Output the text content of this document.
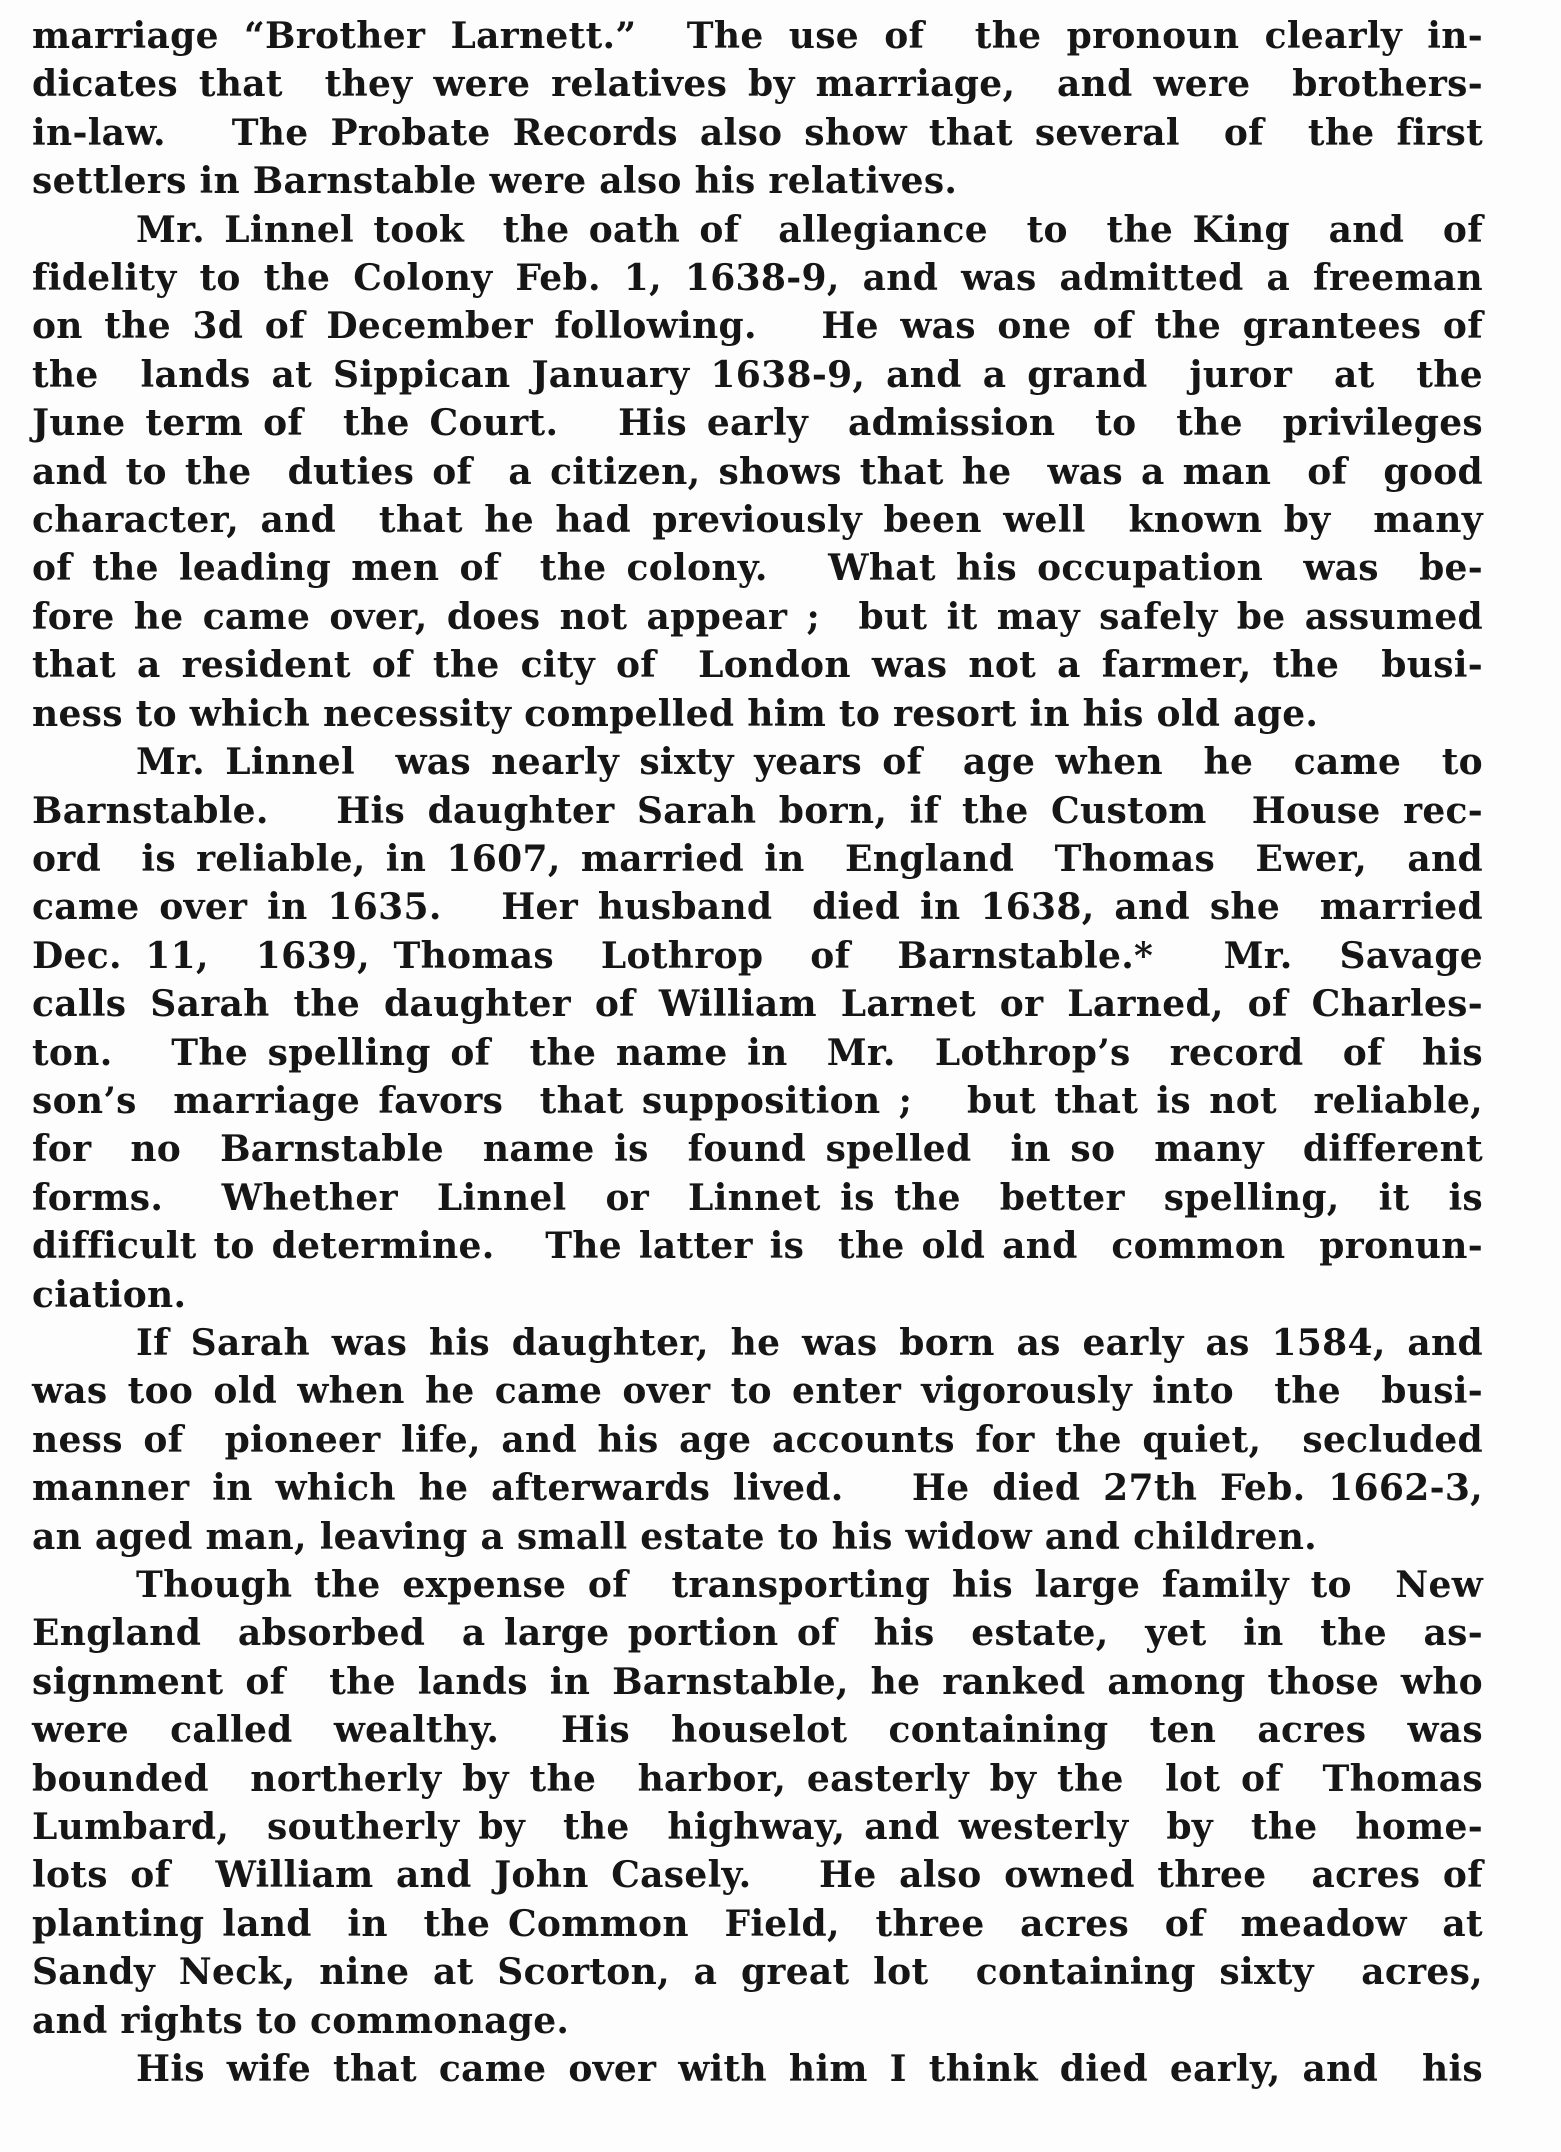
marriage “Brother Larnett.”  The use of  the pronoun clearly in-
dicates that  they were relatives by marriage,  and were  brothers-
in-law.   The Probate Records also show that several  of  the first
settlers in Barnstable were also his relatives.
Mr. Linnel took  the oath of  allegiance  to  the King  and  of
fidelity to the Colony Feb. 1, 1638-9, and was admitted a freeman
on the 3d of December following.   He was one of the grantees of
the  lands at Sippican January 1638-9, and a grand  juror  at  the
June term of  the Court.   His early  admission  to  the  privileges
and to the  duties of  a citizen, shows that he  was a man  of  good
character, and  that he had previously been well  known by  many
of the leading men of  the colony.   What his occupation  was  be-
fore he came over, does not appear ;  but it may safely be assumed
that a resident of the city of  London was not a farmer, the  busi-
ness to which necessity compelled him to resort in his old age.
Mr. Linnel  was nearly sixty years of  age when  he  came  to
Barnstable.   His daughter Sarah born, if the Custom  House rec-
ord  is reliable, in 1607, married in  England  Thomas  Ewer,  and
came over in 1635.   Her husband  died in 1638, and she  married
Dec. 11,  1639, Thomas  Lothrop  of  Barnstable.*   Mr.  Savage
calls Sarah the daughter of William Larnet or Larned, of Charles-
ton.   The spelling of  the name in  Mr.  Lothrop’s  record  of  his
son’s  marriage favors  that supposition ;   but that is not  reliable,
for  no  Barnstable  name is  found spelled  in so  many  different
forms.   Whether  Linnel  or  Linnet is the  better  spelling,  it  is
difficult to determine.   The latter is  the old and  common  pronun-
ciation.
If Sarah was his daughter, he was born as early as 1584, and
was too old when he came over to enter vigorously into  the  busi-
ness of  pioneer life, and his age accounts for the quiet,  secluded
manner in which he afterwards lived.   He died 27th Feb. 1662-3,
an aged man, leaving a small estate to his widow and children.
Though the expense of  transporting his large family to  New
England  absorbed  a large portion of  his  estate,  yet  in  the  as-
signment of  the lands in Barnstable, he ranked among those who
were  called  wealthy.   His  houselot  containing  ten  acres  was
bounded  northerly by the  harbor, easterly by the  lot of  Thomas
Lumbard,  southerly by  the  highway, and westerly  by  the  home-
lots of  William and John Casely.   He also owned three  acres of
planting land  in  the Common  Field,  three  acres  of  meadow  at
Sandy Neck, nine at Scorton, a great lot  containing sixty  acres,
and rights to commonage.
His wife that came over with him I think died early, and  his
